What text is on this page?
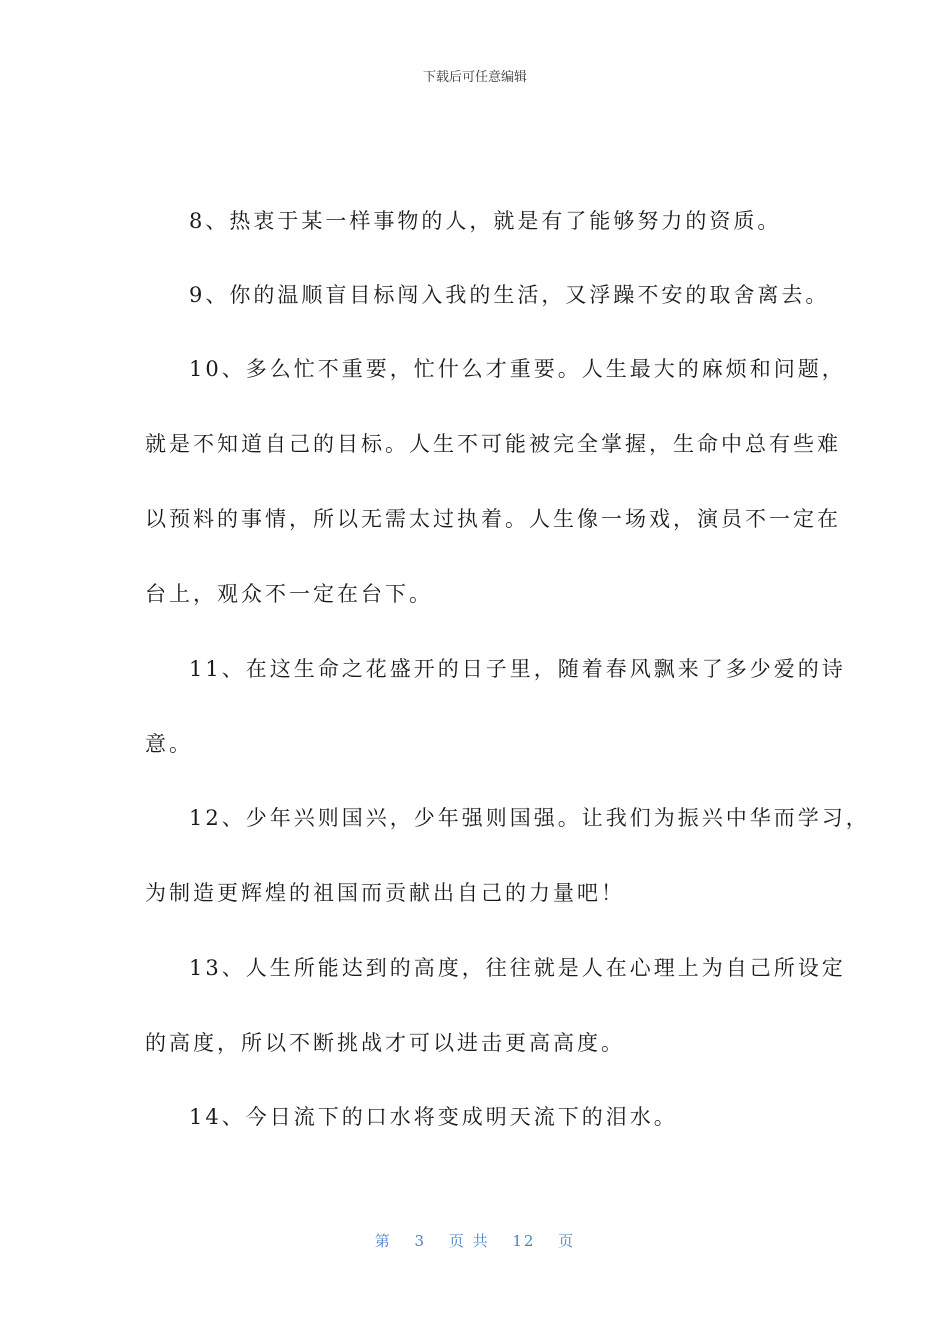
下载后可任意编辑
8、热衷于某一样事物的人，就是有了能够努力的资质。
9、你的温顺盲目标闯入我的生活，又浮躁不安的取舍离去。
10、多么忙不重要，忙什么才重要。人生最大的麻烦和问题，
就是不知道自己的目标。人生不可能被完全掌握，生命中总有些难
以预料的事情，所以无需太过执着。人生像一场戏，演员不一定在
台上，观众不一定在台下。
11、在这生命之花盛开的日子里，随着春风飘来了多少爱的诗
意。
12、少年兴则国兴，少年强则国强。让我们为振兴中华而学习，
为制造更辉煌的祖国而贡献出自己的力量吧！
13、人生所能达到的高度，往往就是人在心理上为自己所设定
的高度，所以不断挑战才可以进击更高高度。
14、今日流下的口水将变成明天流下的泪水。
第 3 页 共 12 页
